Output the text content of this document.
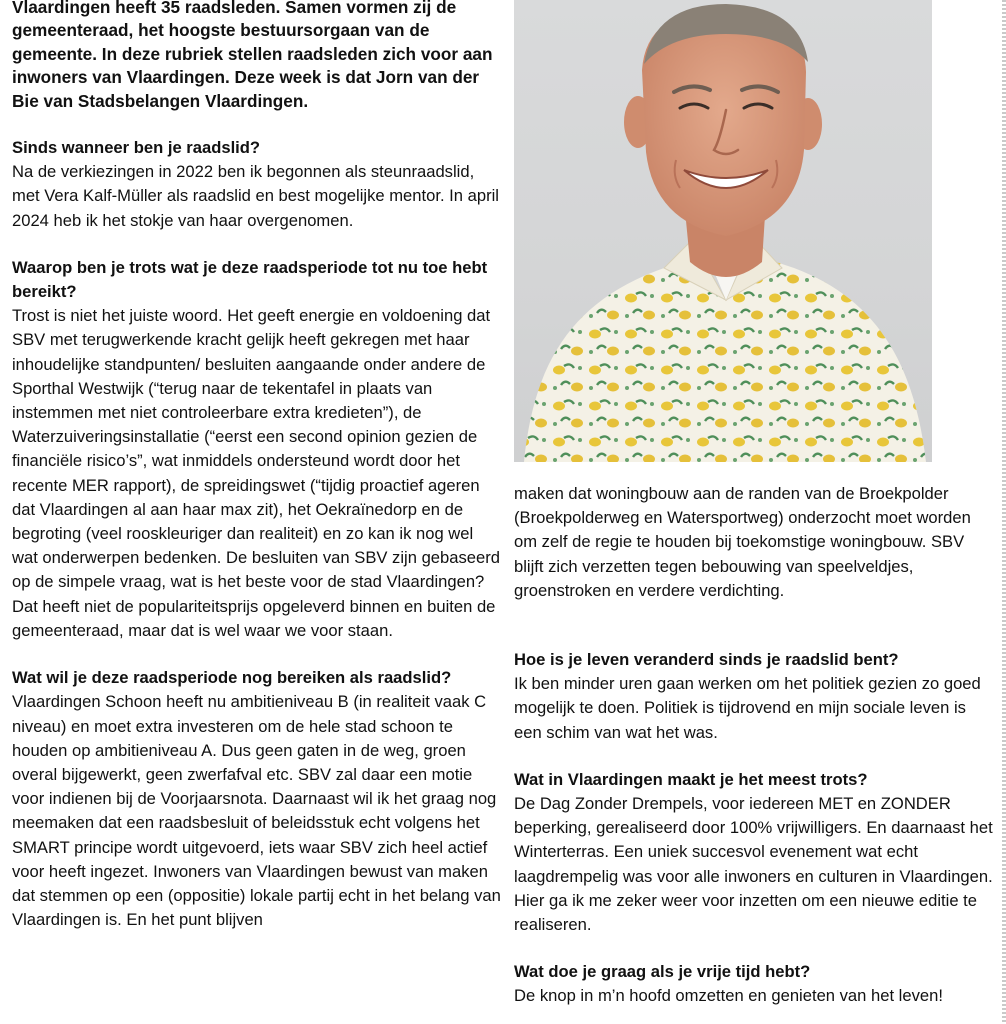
Vlaardingen heeft 35 raadsleden. Samen vormen zij de gemeenteraad, het hoogste bestuursorgaan van de gemeente. In deze rubriek stellen raadsleden zich voor aan inwoners van Vlaardingen. Deze week is dat Jorn van der Bie van Stadsbelangen Vlaardingen.

Sinds wanneer ben je raadslid?

Na de verkiezingen in 2022 ben ik begonnen als steunraadslid, met Vera Kalf-Müller als raadslid en best mogelijke mentor. In april 2024 heb ik het stokje van haar overgenomen.

Waarop ben je trots wat je deze raadsperiode tot nu toe hebt bereikt?

Trost is niet het juiste woord. Het geeft energie en voldoening dat SBV met terugwerkende kracht gelijk heeft gekregen met haar inhoudelijke standpunten/ besluiten aangaande onder andere de Sporthal Westwijk (“terug naar de tekentafel in plaats van instemmen met niet controleerbare extra kredieten”), de Waterzuiveringsinstallatie (“eerst een second opinion gezien de financiële risico’s”, wat inmiddels ondersteund wordt door het recente MER rapport), de spreidingswet (“tijdig proactief ageren dat Vlaardingen al aan haar max zit), het Oekraïnedorp en de begroting (veel rooskleuriger dan realiteit) en zo kan ik nog wel wat onderwerpen bedenken. De besluiten van SBV zijn gebaseerd op de simpele vraag, wat is het beste voor de stad Vlaardingen? Dat heeft niet de populariteitsprijs opgeleverd binnen en buiten de gemeenteraad, maar dat is wel waar we voor staan.

Wat wil je deze raadsperiode nog bereiken als raadslid?

Vlaardingen Schoon heeft nu ambitieniveau B (in realiteit vaak C niveau) en moet extra investeren om de hele stad schoon te houden op ambitieniveau A. Dus geen gaten in de weg, groen overal bijgewerkt, geen zwerfafval etc. SBV zal daar een motie voor indienen bij de Voorjaarsnota. Daarnaast wil ik het graag nog meemaken dat een raadsbesluit of beleidsstuk echt volgens het SMART principe wordt uitgevoerd, iets waar SBV zich heel actief voor heeft ingezet. Inwoners van Vlaardingen bewust van maken dat stemmen op een (oppositie) lokale partij echt in het belang van Vlaardingen is. En het punt blijven

maken dat woningbouw aan de randen van de Broekpolder (Broekpolderweg en Watersportweg) onderzocht moet worden om zelf de regie te houden bij toekomstige woningbouw. SBV blijft zich verzetten tegen bebouwing van speelveldjes, groenstroken en verdere verdichting.

Hoe is je leven veranderd sinds je raadslid bent?

Ik ben minder uren gaan werken om het politiek gezien zo goed mogelijk te doen. Politiek is tijdrovend en mijn sociale leven is een schim van wat het was.

Wat in Vlaardingen maakt je het meest trots?

De Dag Zonder Drempels, voor iedereen MET en ZONDER beperking, gerealiseerd door 100% vrijwilligers. En daarnaast het Winterterras. Een uniek succesvol evenement wat echt laagdrempelig was voor alle inwoners en culturen in Vlaardingen. Hier ga ik me zeker weer voor inzetten om een nieuwe editie te realiseren.

Wat doe je graag als je vrije tijd hebt?

De knop in m’n hoofd omzetten en genieten van het leven!
